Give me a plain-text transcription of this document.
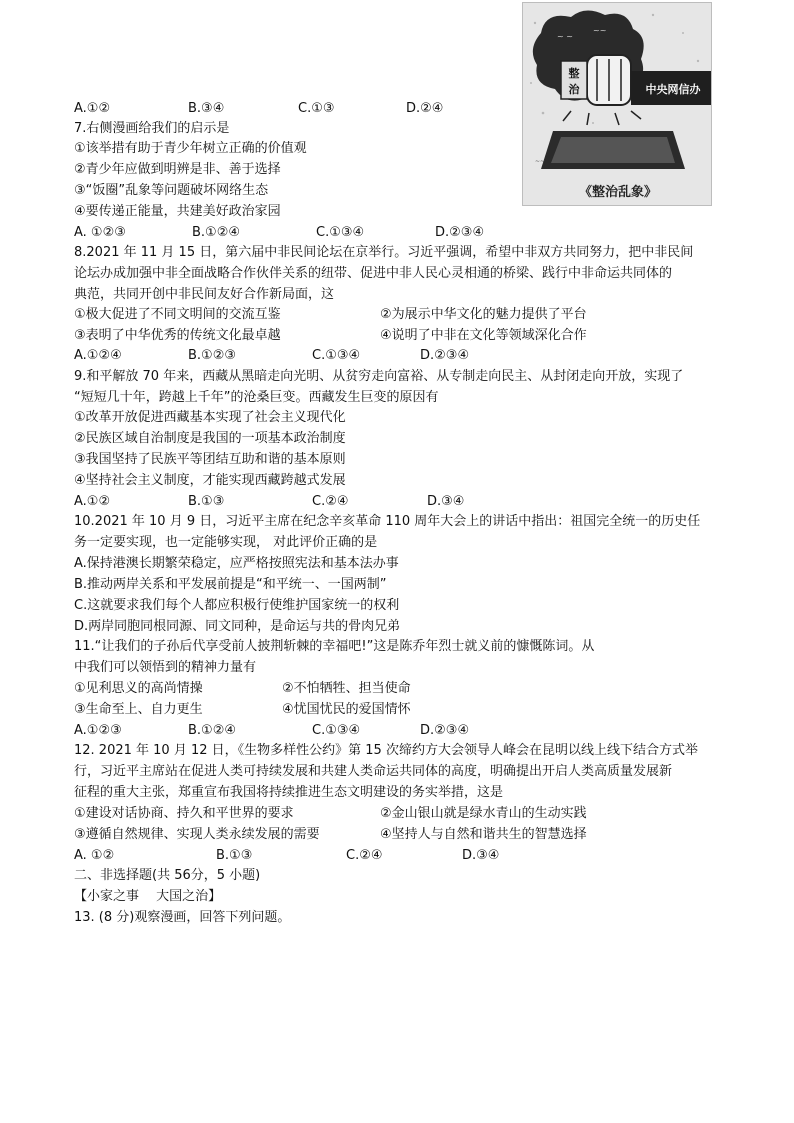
~ ~
~~
整
治	中央网信办
~~
《整治乱象》
A.①②	B.③④	C.①③	D.②④
7.右侧漫画给我们的启示是
①该举措有助于青少年树立正确的价值观
②青少年应做到明辨是非、善于选择
③“饭圈”乱象等问题破坏网络生态
④要传递正能量，共建美好政治家园
A. ①②③	B.①②④	C.①③④	D.②③④
8.2021 年 11 月 15 日，第六届中非民间论坛在京举行。习近平强调，希望中非双方共同努力，把中非民间
论坛办成加强中非全面战略合作伙伴关系的纽带、促进中非人民心灵相通的桥梁、践行中非命运共同体的
典范，共同开创中非民间友好合作新局面，这
①极大促进了不同文明间的交流互鉴	②为展示中华文化的魅力提供了平台
③表明了中华优秀的传统文化最卓越	④说明了中非在文化等领域深化合作
A.①②④	B.①②③	C.①③④	D.②③④
9.和平解放 70 年来，西藏从黑暗走向光明、从贫穷走向富裕、从专制走向民主、从封闭走向开放，实现了
“短短几十年，跨越上千年”的沧桑巨变。西藏发生巨变的原因有
①改革开放促进西藏基本实现了社会主义现代化
②民族区域自治制度是我国的一项基本政治制度
③我国坚持了民族平等团结互助和谐的基本原则
④坚持社会主义制度，才能实现西藏跨越式发展
A.①②	B.①③	C.②④	D.③④
10.2021 年 10 月 9 日，习近平主席在纪念辛亥革命 110 周年大会上的讲话中指出：祖国完全统一的历史任
务一定要实现，也一定能够实现， 对此评价正确的是
A.保持港澳长期繁荣稳定，应严格按照宪法和基本法办事
B.推动两岸关系和平发展前提是“和平统一、一国两制”
C.这就要求我们每个人都应积极行使维护国家统一的权利
D.两岸同胞同根同源、同文同种，是命运与共的骨肉兄弟
11.“让我们的子孙后代享受前人披荆斩棘的幸福吧!”这是陈乔年烈士就义前的慷慨陈词。从
中我们可以领悟到的精神力量有
①见利思义的高尚情操	②不怕牺牲、担当使命
③生命至上、自力更生	④忧国忧民的爱国情怀
A.①②③	B.①②④	C.①③④	D.②③④
12. 2021 年 10 月 12 日，《生物多样性公约》第 15 次缔约方大会领导人峰会在昆明以线上线下结合方式举
行，习近平主席站在促进人类可持续发展和共建人类命运共同体的高度，明确提出开启人类高质量发展新
征程的重大主张，郑重宣布我国将持续推进生态文明建设的务实举措，这是
①建设对话协商、持久和平世界的要求	②金山银山就是绿水青山的生动实践
③遵循自然规律、实现人类永续发展的需要	④坚持人与自然和谐共生的智慧选择
A. ①②	B.①③	C.②④	D.③④
二、非选择题(共 56分，5 小题)
【小家之事　 大国之治】
13. (8 分)观察漫画，回答下列问题。
